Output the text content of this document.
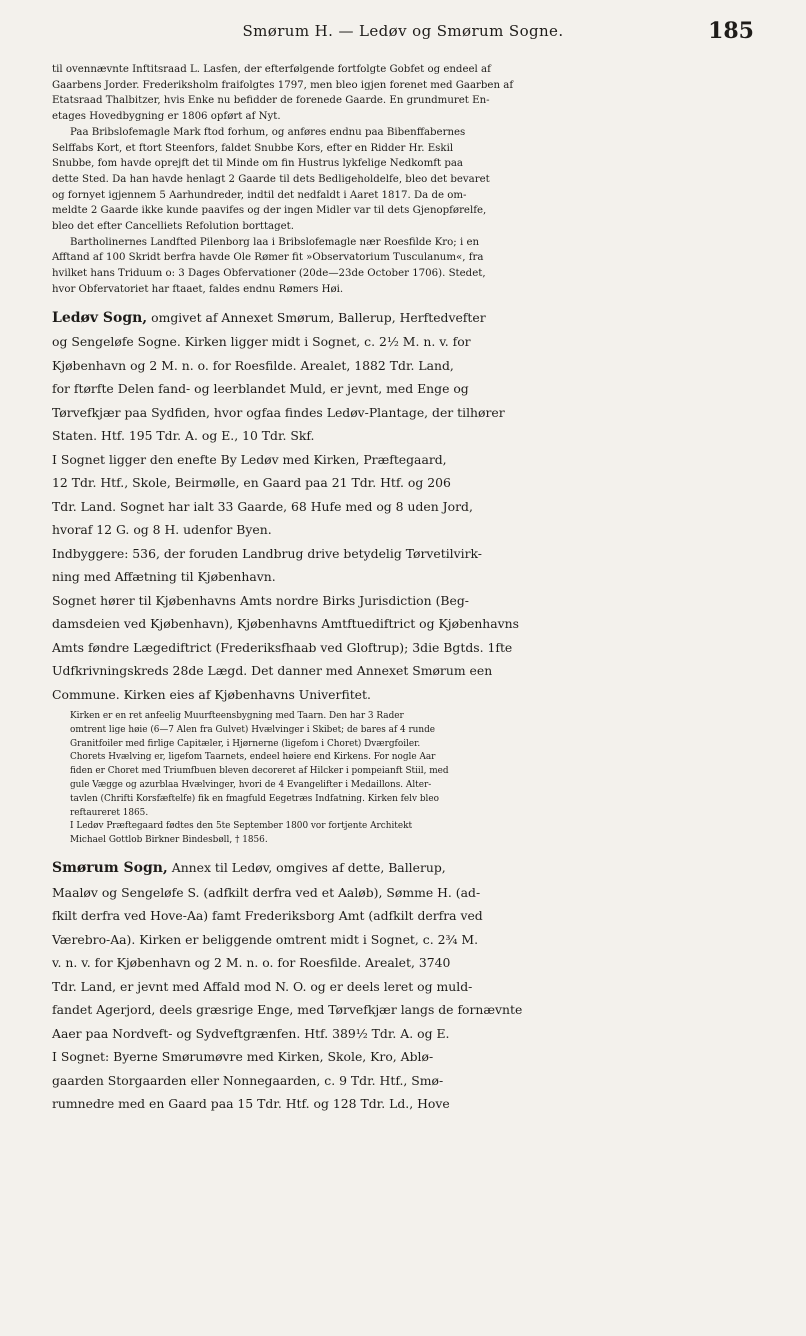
Smørum H. — Ledøv og Smørum Sogne.	185

til ovennævnte Inftitsraad L. Lasfen, der efterfølgende fortfolgte Gobfet og endeel af

Gaarbens Jorder. Frederiksholm fraifolgtes 1797, men bleo igjen forenet med Gaarben af

Etatsraad Thalbitzer, hvis Enke nu befidder de forenede Gaarde. En grundmuret En-

etages Hovedbygning er 1806 opført af Nyt.

Paa Bribslofemagle Mark ftod forhum, og anføres endnu paa Bibenffabernes

Selffabs Kort, et ftort Steenfors, faldet Snubbe Kors, efter en Ridder Hr. Eskil

Snubbe, fom havde oprejft det til Minde om fin Hustrus lykfelige Nedkomft paa

dette Sted. Da han havde henlagt 2 Gaarde til dets Bedligeholdelfe, bleo det bevaret

og fornyet igjennem 5 Aarhundreder, indtil det nedfaldt i Aaret 1817. Da de om-

meldte 2 Gaarde ikke kunde paavifes og der ingen Midler var til dets Gjenopførelfe,

bleo det efter Cancelliets Refolution borttaget.

Bartholinernes Landfted Pilenborg laa i Bribslofemagle nær Roesfilde Kro; i en

Afftand af 100 Skridt berfra havde Ole Rømer fit »Observatorium Tusculanum«, fra

hvilket hans Triduum o: 3 Dages Obfervationer (20de—23de October 1706). Stedet,

hvor Obfervatoriet har ftaaet, faldes endnu Rømers Høi.

Ledøv Sogn, omgivet af Annexet Smørum, Ballerup, Herftedvefter

og Sengeløfe Sogne. Kirken ligger midt i Sognet, c. 2½ M. n. v. for

Kjøbenhavn og 2 M. n. o. for Roesfilde. Arealet, 1882 Tdr. Land,

for ftørfte Delen fand- og leerblandet Muld, er jevnt, med Enge og

Tørvefkjær paa Sydfiden, hvor ogfaa findes Ledøv-Plantage, der tilhører

Staten. Htf. 195 Tdr. A. og E., 10 Tdr. Skf.

I Sognet ligger den enefte By Ledøv med Kirken, Præftegaard,

12 Tdr. Htf., Skole, Beirmølle, en Gaard paa 21 Tdr. Htf. og 206

Tdr. Land. Sognet har ialt 33 Gaarde, 68 Hufe med og 8 uden Jord,

hvoraf 12 G. og 8 H. udenfor Byen.

Indbyggere: 536, der foruden Landbrug drive betydelig Tørvetilvirk-

ning med Affætning til Kjøbenhavn.

Sognet hører til Kjøbenhavns Amts nordre Birks Jurisdiction (Beg-

damsdeien ved Kjøbenhavn), Kjøbenhavns Amtftuediftrict og Kjøbenhavns

Amts føndre Lægediftrict (Frederiksfhaab ved Gloftrup); 3die Bgtds. 1fte

Udfkrivningskreds 28de Lægd. Det danner med Annexet Smørum een

Commune. Kirken eies af Kjøbenhavns Univerfitet.

Kirken er en ret anfeelig Muurfteensbygning med Taarn. Den har 3 Rader

omtrent lige høie (6—7 Alen fra Gulvet) Hvælvinger i Skibet; de bares af 4 runde

Granitfoiler med firlige Capitæler, i Hjørnerne (ligefom i Choret) Dværgfoiler.

Chorets Hvælving er, ligefom Taarnets, endeel høiere end Kirkens. For nogle Aar

fiden er Choret med Triumfbuen bleven decoreret af Hilcker i pompeianft Stiil, med

gule Vægge og azurblaa Hvælvinger, hvori de 4 Evangelifter i Medaillons. Alter-

tavlen (Chrifti Korsfæftelfe) fik en fmagfuld Eegetræs Indfatning. Kirken felv bleo

reftaureret 1865.

I Ledøv Præftegaard fødtes den 5te September 1800 vor fortjente Architekt

Michael Gottlob Birkner Bindesbøll, † 1856.

Smørum Sogn, Annex til Ledøv, omgives af dette, Ballerup,

Maaløv og Sengeløfe S. (adfkilt derfra ved et Aaløb), Sømme H. (ad-

fkilt derfra ved Hove-Aa) famt Frederiksborg Amt (adfkilt derfra ved

Værebro-Aa). Kirken er beliggende omtrent midt i Sognet, c. 2¾ M.

v. n. v. for Kjøbenhavn og 2 M. n. o. for Roesfilde. Arealet, 3740

Tdr. Land, er jevnt med Affald mod N. O. og er deels leret og muld-

fandet Agerjord, deels græsrige Enge, med Tørvefkjær langs de fornævnte

Aaer paa Nordveft- og Sydveftgrænfen. Htf. 389½ Tdr. A. og E.

I Sognet: Byerne Smørumøvre med Kirken, Skole, Kro, Ablø-

gaarden Storgaarden eller Nonnegaarden, c. 9 Tdr. Htf., Smø-

rumnedre med en Gaard paa 15 Tdr. Htf. og 128 Tdr. Ld., Hove
